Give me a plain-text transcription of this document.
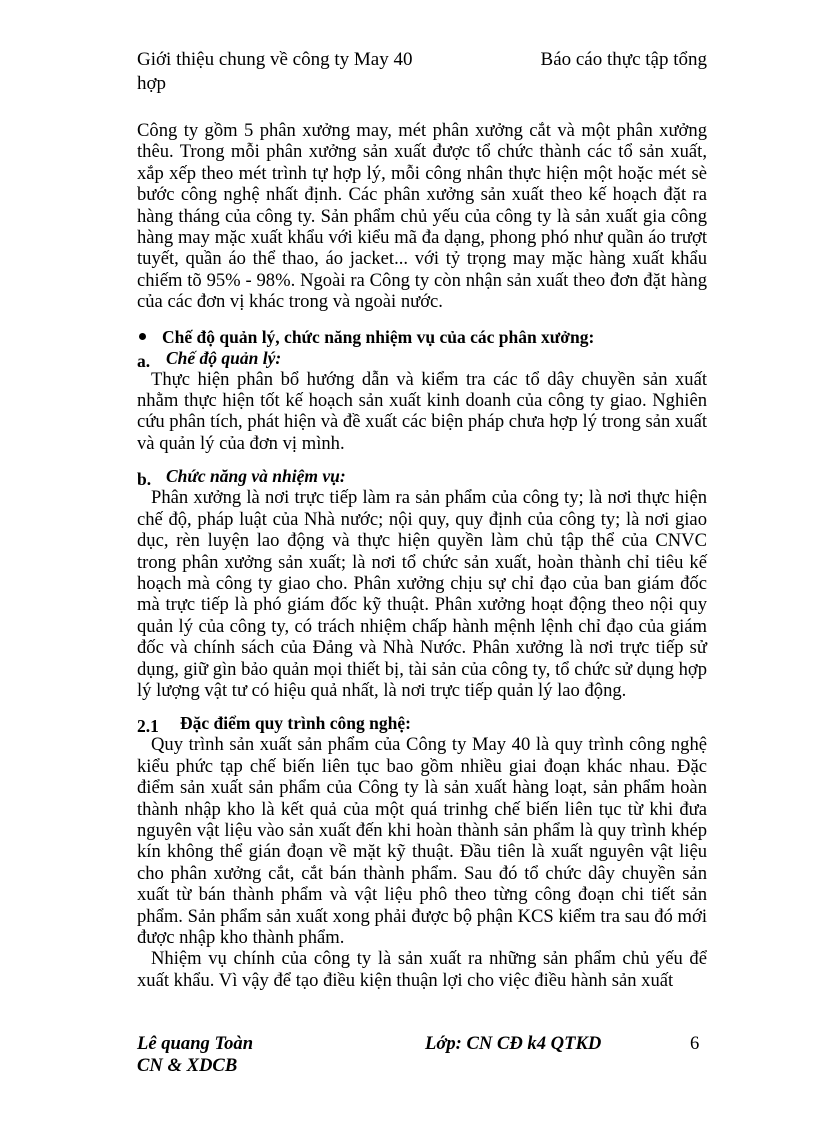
Giới thiệu chung về công ty May 40	Báo cáo thực tập tổng
hợp

Công ty gồm 5 phân xưởng may, mét phân xưởng cắt và một phân xưởng thêu. Trong mỗi phân xưởng sản xuất được tổ chức thành các tổ sản xuất, xắp xếp theo mét trình tự hợp lý, mỗi công nhân thực hiện một hoặc mét sè bước công nghệ nhất định. Các phân xưởng sản xuất theo kế hoạch đặt ra hàng tháng của công ty. Sản phẩm chủ yếu của công ty là sản xuất gia công hàng may mặc xuất khẩu với kiểu mã đa dạng, phong phó như quần áo trượt tuyết, quần áo thể thao, áo jacket... với tỷ trọng may mặc hàng xuất khẩu chiếm tõ 95% - 98%. Ngoài ra Công ty còn nhận sản xuất theo đơn đặt hàng của các đơn vị khác trong và ngoài nước.

Chế độ quản lý, chức năng nhiệm vụ của các phân xưởng:
a. Chế độ quản lý:

Thực hiện phân bổ hướng dẫn và kiểm tra các tổ dây chuyền sản xuất nhằm thực hiện tốt kế hoạch sản xuất kinh doanh của công ty giao. Nghiên cứu phân tích, phát hiện và đề xuất các biện pháp chưa hợp lý trong sản xuất và quản lý của đơn vị mình.

b. Chức năng và nhiệm vụ:

Phân xưởng là nơi trực tiếp làm ra sản phẩm của công ty; là nơi thực hiện chế độ, pháp luật của Nhà nước; nội quy, quy định của công ty; là nơi giao dục, rèn luyện lao động và thực hiện quyền làm chủ tập thể của CNVC trong phân xưởng sản xuất; là nơi tổ chức sản xuất, hoàn thành chỉ tiêu kế hoạch mà công ty giao cho. Phân xưởng chịu sự chỉ đạo của ban giám đốc mà trực tiếp là phó giám đốc kỹ thuật. Phân xưởng hoạt động theo nội quy quản lý của công ty, có trách nhiệm chấp hành mệnh lệnh chỉ đạo của giám đốc và chính sách của Đảng và Nhà Nước. Phân xưởng là nơi trực tiếp sử dụng, giữ gìn bảo quản mọi thiết bị, tài sản của công ty, tổ chức sử dụng hợp lý lượng vật tư có hiệu quả nhất, là nơi trực tiếp quản lý lao động.

2.1	Đặc điểm quy trình công nghệ:

Quy trình sản xuất sản phẩm của Công ty May 40 là quy trình công nghệ kiểu phức tạp chế biến liên tục bao gồm nhiều giai đoạn khác nhau. Đặc điểm sản xuất sản phẩm của Công ty là sản xuất hàng loạt, sản phẩm hoàn thành nhập kho là kết quả của một quá trinhg chế biến liên tục từ khi đưa nguyên vật liệu vào sản xuất đến khi hoàn thành sản phẩm là quy trình khép kín không thể gián đoạn về mặt kỹ thuật. Đầu tiên là xuất nguyên vật liệu cho phân xưởng cắt, cắt bán thành phẩm. Sau đó tổ chức dây chuyền sản xuất từ bán thành phẩm và vật liệu phô theo từng công đoạn chi tiết sản phẩm. Sản phẩm sản xuất xong phải được bộ phận KCS kiểm tra sau đó mới được nhập kho thành phẩm.

Nhiệm vụ chính của công ty là sản xuất ra những sản phẩm chủ yếu để xuất khẩu. Vì vậy để tạo điều kiện thuận lợi cho việc điều hành sản xuất

Lê quang Toàn	Lớp: CN CĐ k4 QTKD	6
CN & XDCB
